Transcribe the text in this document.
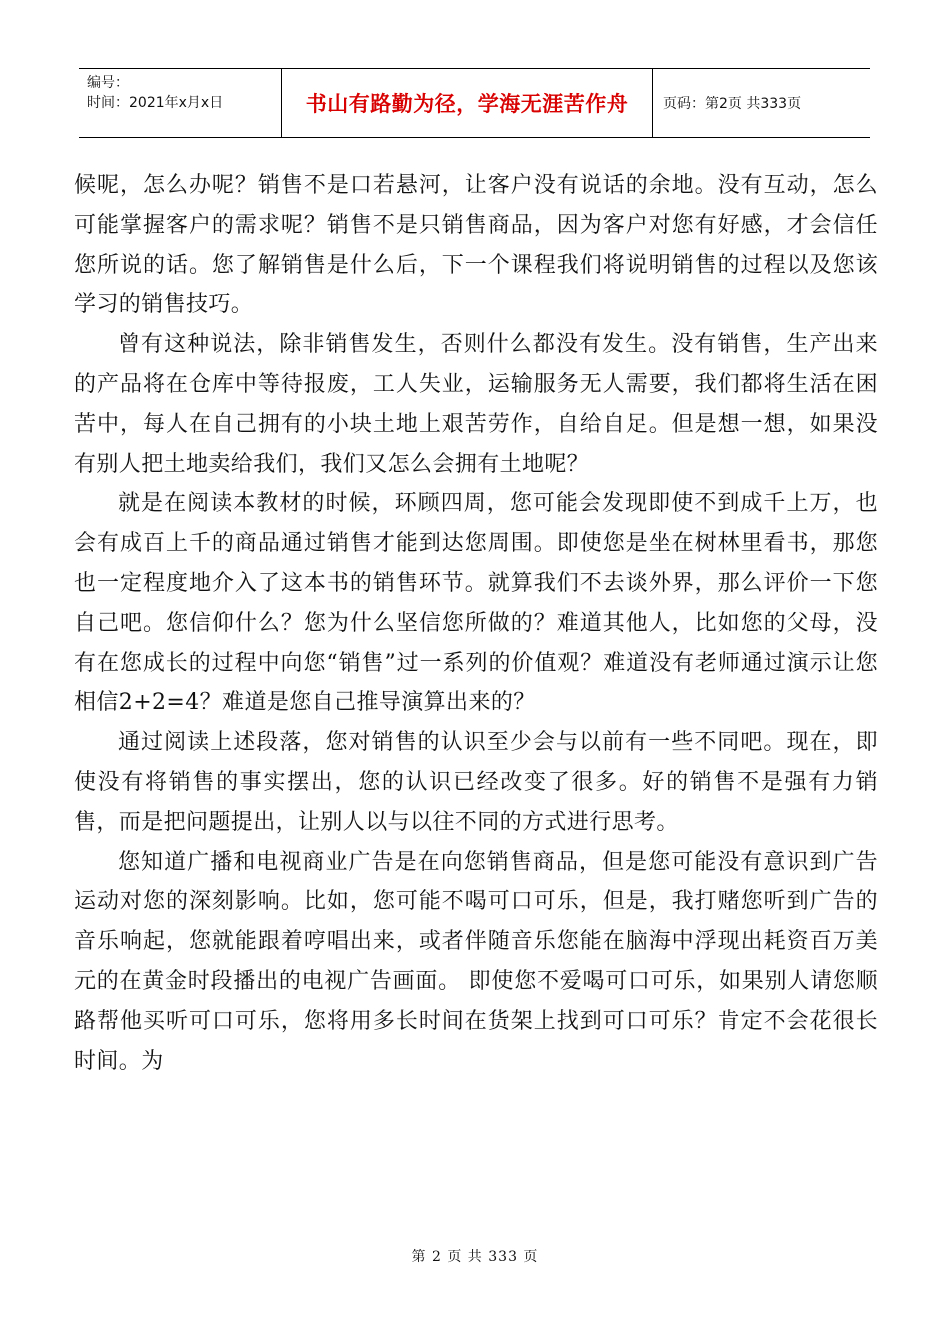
编号：
时间：2021年x月x日	书山有路勤为径，学海无涯苦作舟	页码：第2页 共333页

候呢，怎么办呢？销售不是口若悬河，让客户没有说话的余地。没有互动，怎么可能掌握客户的需求呢？销售不是只销售商品，因为客户对您有好感，才会信任您所说的话。您了解销售是什么后，下一个课程我们将说明销售的过程以及您该学习的销售技巧。

曾有这种说法，除非销售发生，否则什么都没有发生。没有销售，生产出来的产品将在仓库中等待报废，工人失业，运输服务无人需要，我们都将生活在困苦中，每人在自己拥有的小块土地上艰苦劳作，自给自足。但是想一想，如果没有别人把土地卖给我们，我们又怎么会拥有土地呢？

就是在阅读本教材的时候，环顾四周，您可能会发现即使不到成千上万，也会有成百上千的商品通过销售才能到达您周围。即使您是坐在树林里看书，那您也一定程度地介入了这本书的销售环节。就算我们不去谈外界，那么评价一下您自己吧。您信仰什么？您为什么坚信您所做的？难道其他人，比如您的父母，没有在您成长的过程中向您“销售”过一系列的价值观？难道没有老师通过演示让您相信2+2=4？难道是您自己推导演算出来的？

通过阅读上述段落，您对销售的认识至少会与以前有一些不同吧。现在，即使没有将销售的事实摆出，您的认识已经改变了很多。好的销售不是强有力销售，而是把问题提出，让别人以与以往不同的方式进行思考。

您知道广播和电视商业广告是在向您销售商品，但是您可能没有意识到广告运动对您的深刻影响。比如，您可能不喝可口可乐，但是，我打赌您听到广告的音乐响起，您就能跟着哼唱出来，或者伴随音乐您能在脑海中浮现出耗资百万美元的在黄金时段播出的电视广告画面。 即使您不爱喝可口可乐，如果别人请您顺路帮他买听可口可乐，您将用多长时间在货架上找到可口可乐？肯定不会花很长时间。为

第 2 页 共 333 页
